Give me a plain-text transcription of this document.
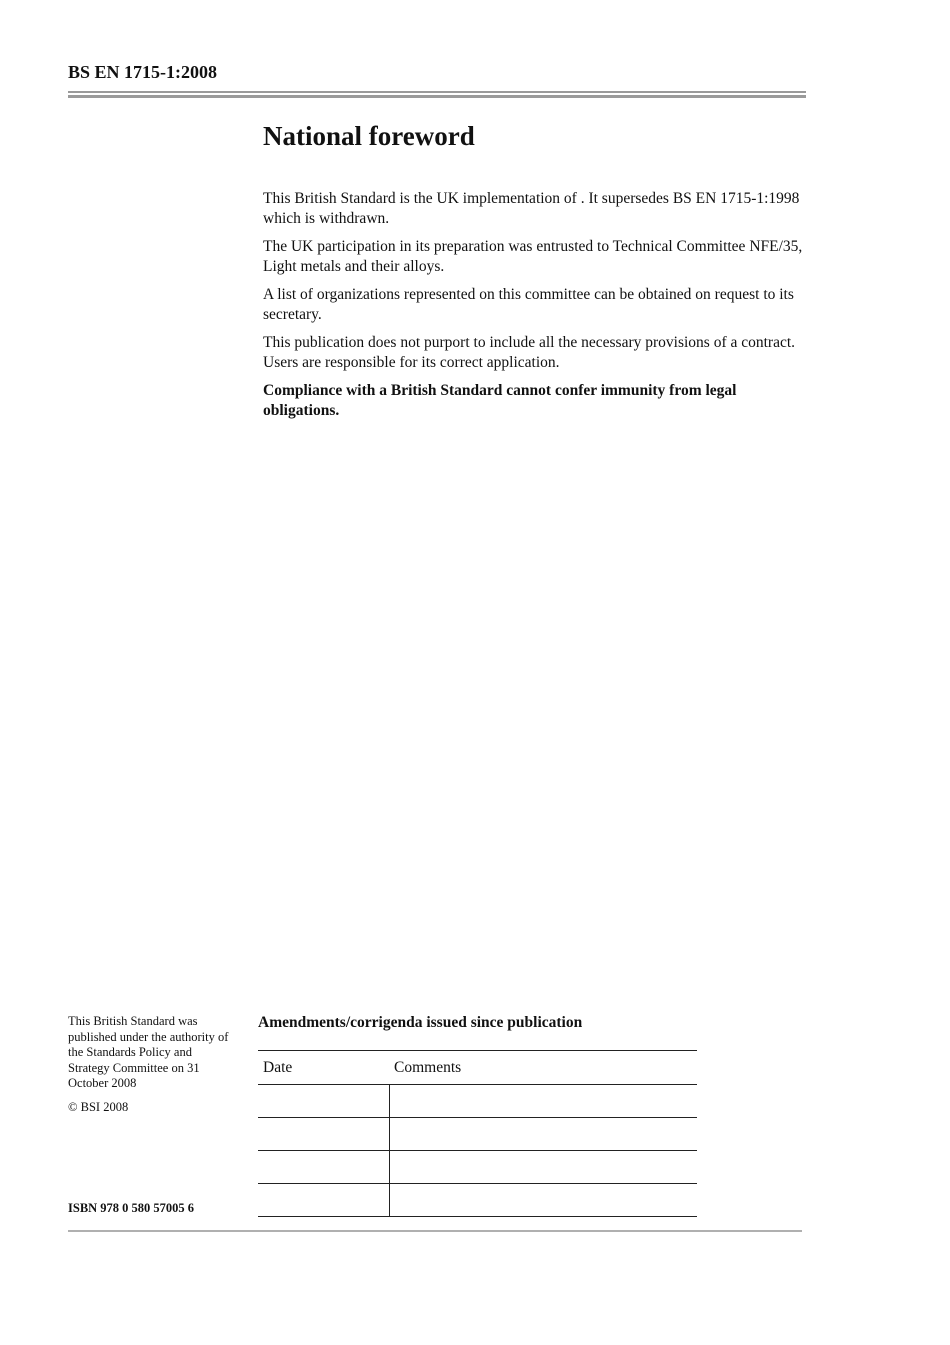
BS EN 1715-1:2008
National foreword

This British Standard is the UK implementation of . It supersedes BS EN 1715-1:1998 which is withdrawn.

The UK participation in its preparation was entrusted to Technical Committee NFE/35, Light metals and their alloys.

A list of organizations represented on this committee can be obtained on request to its secretary.

This publication does not purport to include all the necessary provisions of a contract. Users are responsible for its correct application.

Compliance with a British Standard cannot confer immunity from legal obligations.

This British Standard was published under the authority of the Standards Policy and Strategy Committee on 31 October 2008

© BSI 2008

ISBN 978 0 580 57005 6
Amendments/corrigenda issued since publication
Date	Comments
